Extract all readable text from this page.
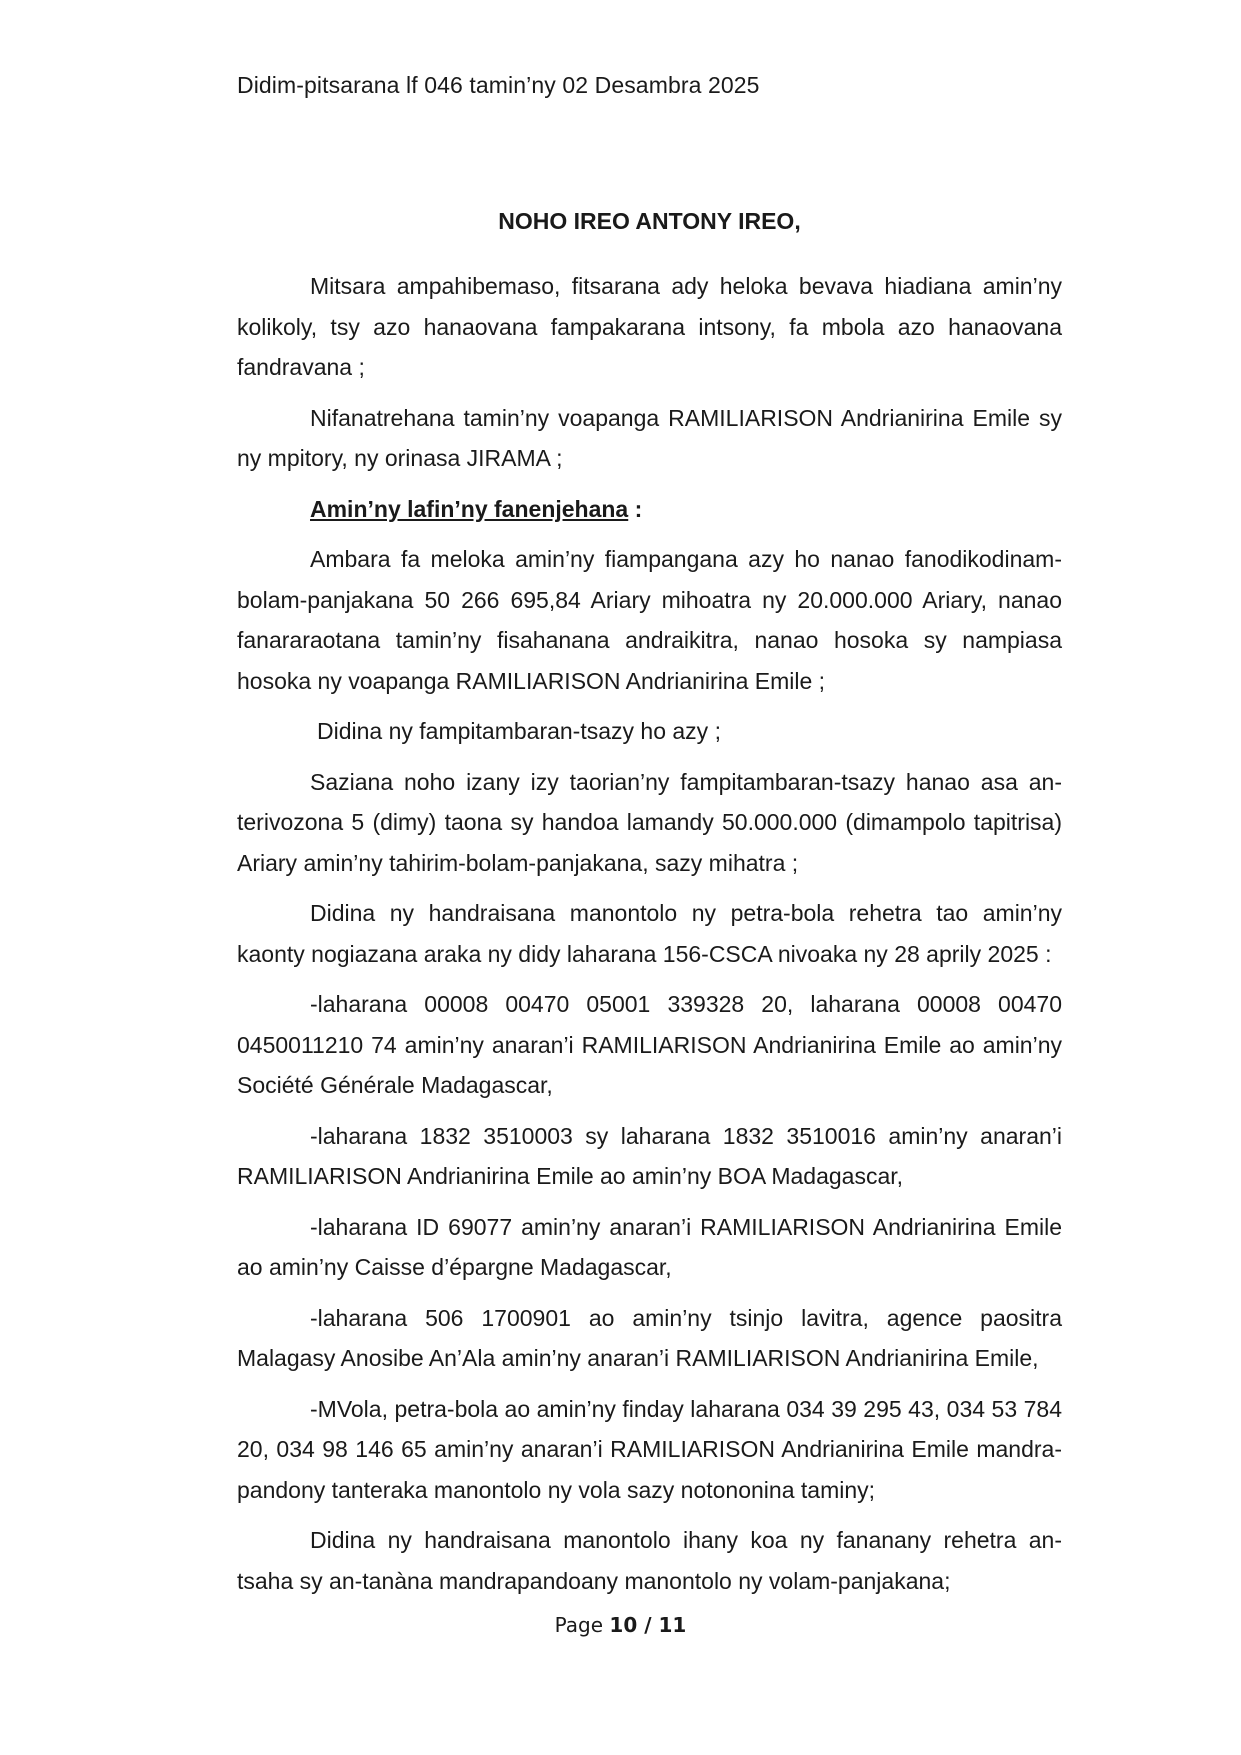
Didim-pitsarana lf 046 tamin’ny 02 Desambra 2025
NOHO IREO ANTONY IREO,

Mitsara ampahibemaso, fitsarana ady heloka bevava hiadiana amin’ny kolikoly, tsy azo hanaovana fampakarana intsony, fa mbola azo hanaovana fandravana ;

Nifanatrehana tamin’ny voapanga RAMILIARISON Andrianirina Emile sy ny mpitory, ny orinasa JIRAMA ;

Amin’ny lafin’ny fanenjehana :

Ambara fa meloka amin’ny fiampangana azy ho nanao fanodikodinam-bolam-panjakana 50 266 695,84 Ariary mihoatra ny 20.000.000 Ariary, nanao fanararaotana tamin’ny fisahanana andraikitra, nanao hosoka sy nampiasa hosoka ny voapanga RAMILIARISON Andrianirina Emile ;

Didina ny fampitambaran-tsazy ho azy ;

Saziana noho izany izy taorian’ny fampitambaran-tsazy hanao asa an-terivozona 5 (dimy) taona sy handoa lamandy 50.000.000 (dimampolo tapitrisa) Ariary amin’ny tahirim-bolam-panjakana, sazy mihatra ;

Didina ny handraisana manontolo ny petra-bola rehetra tao amin’ny kaonty nogiazana araka ny didy laharana 156-CSCA nivoaka ny 28 aprily 2025 :

-laharana 00008 00470 05001 339328 20, laharana 00008 00470 0450011210 74 amin’ny anaran’i RAMILIARISON Andrianirina Emile ao amin’ny Société Générale Madagascar,

-laharana 1832 3510003 sy laharana 1832 3510016 amin’ny anaran’i RAMILIARISON Andrianirina Emile ao amin’ny BOA Madagascar,

-laharana ID 69077 amin’ny anaran’i RAMILIARISON Andrianirina Emile ao amin’ny Caisse d’épargne Madagascar,

-laharana 506 1700901 ao amin’ny tsinjo lavitra, agence paositra Malagasy Anosibe An’Ala amin’ny anaran’i RAMILIARISON Andrianirina Emile,

-MVola, petra-bola ao amin’ny finday laharana 034 39 295 43, 034 53 784 20, 034 98 146 65 amin’ny anaran’i RAMILIARISON Andrianirina Emile mandra-pandony tanteraka manontolo ny vola sazy notononina taminy;

Didina ny handraisana manontolo ihany koa ny fananany rehetra an-tsaha sy an-tanàna mandrapandoany manontolo ny volam-panjakana;

Page 10 / 11
